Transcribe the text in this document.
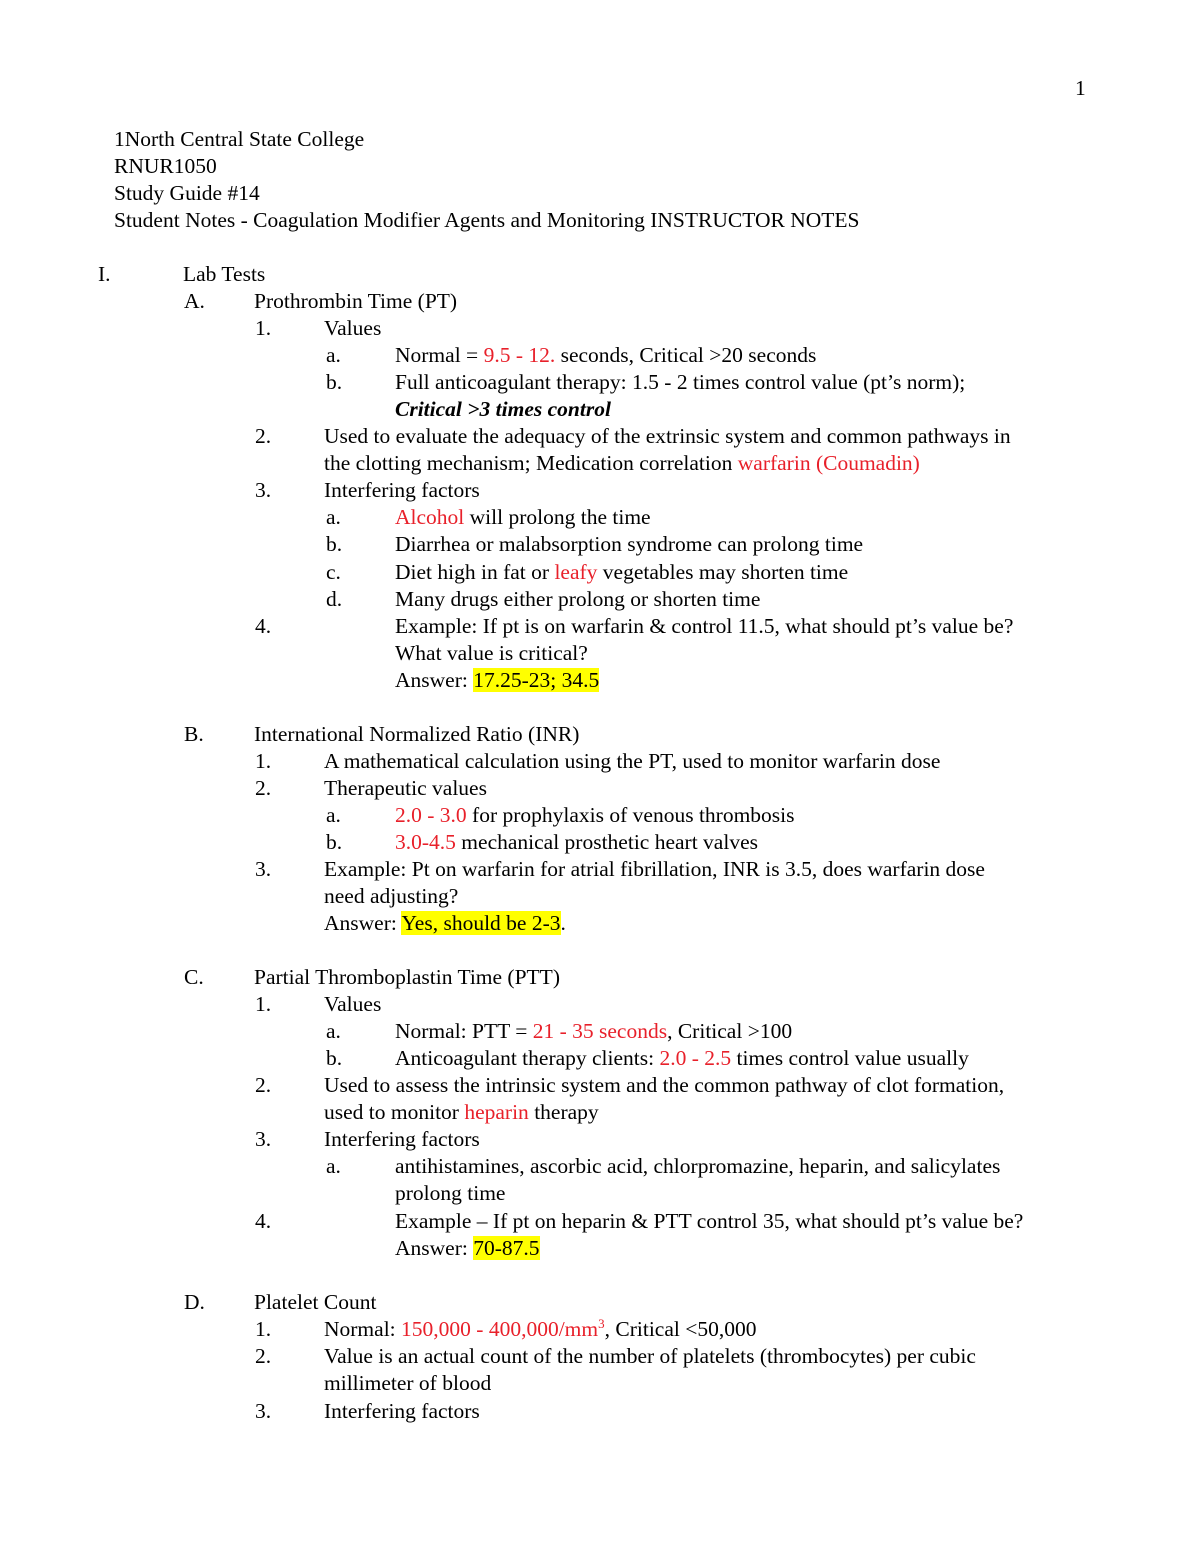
1
1North Central State College
RNUR1050
Study Guide #14
Student Notes - Coagulation Modifier Agents and Monitoring INSTRUCTOR NOTES
I.	Lab Tests
A. Prothrombin Time (PT)
1. Values
a.	Normal = 9.5 - 12. seconds, Critical >20 seconds
b. Full anticoagulant therapy: 1.5 - 2 times control value (pt’s norm);
Critical >3 times control
2. Used to evaluate the adequacy of the extrinsic system and common pathways in
the clotting mechanism; Medication correlation warfarin (Coumadin)
3. Interfering factors
a.	Alcohol will prolong the time
b. Diarrhea or malabsorption syndrome can prolong time
c.	Diet high in fat or leafy vegetables may shorten time
d. Many drugs either prolong or shorten time
4.	Example: If pt is on warfarin & control 11.5, what should pt’s value be?
What value is critical?
Answer: 17.25-23; 34.5
B. International Normalized Ratio (INR)
1. A mathematical calculation using the PT, used to monitor warfarin dose
2. Therapeutic values
a.	2.0 - 3.0 for prophylaxis of venous thrombosis
b. 3.0-4.5 mechanical prosthetic heart valves
3. Example: Pt on warfarin for atrial fibrillation, INR is 3.5, does warfarin dose
need adjusting?
Answer: Yes, should be 2-3.
C. Partial Thromboplastin Time (PTT)
1. Values
a.	Normal: PTT = 21 - 35 seconds, Critical >100
b. Anticoagulant therapy clients: 2.0 - 2.5 times control value usually
2. Used to assess the intrinsic system and the common pathway of clot formation,
used to monitor heparin therapy
3. Interfering factors
a.	antihistamines, ascorbic acid, chlorpromazine, heparin, and salicylates
prolong time
4.	Example – If pt on heparin & PTT control 35, what should pt’s value be?
Answer: 70-87.5
D. Platelet Count
1. Normal: $150,000 - 400,000/mm^3$, Critical <50,000
2. Value is an actual count of the number of platelets (thrombocytes) per cubic
millimeter of blood
3. Interfering factors
